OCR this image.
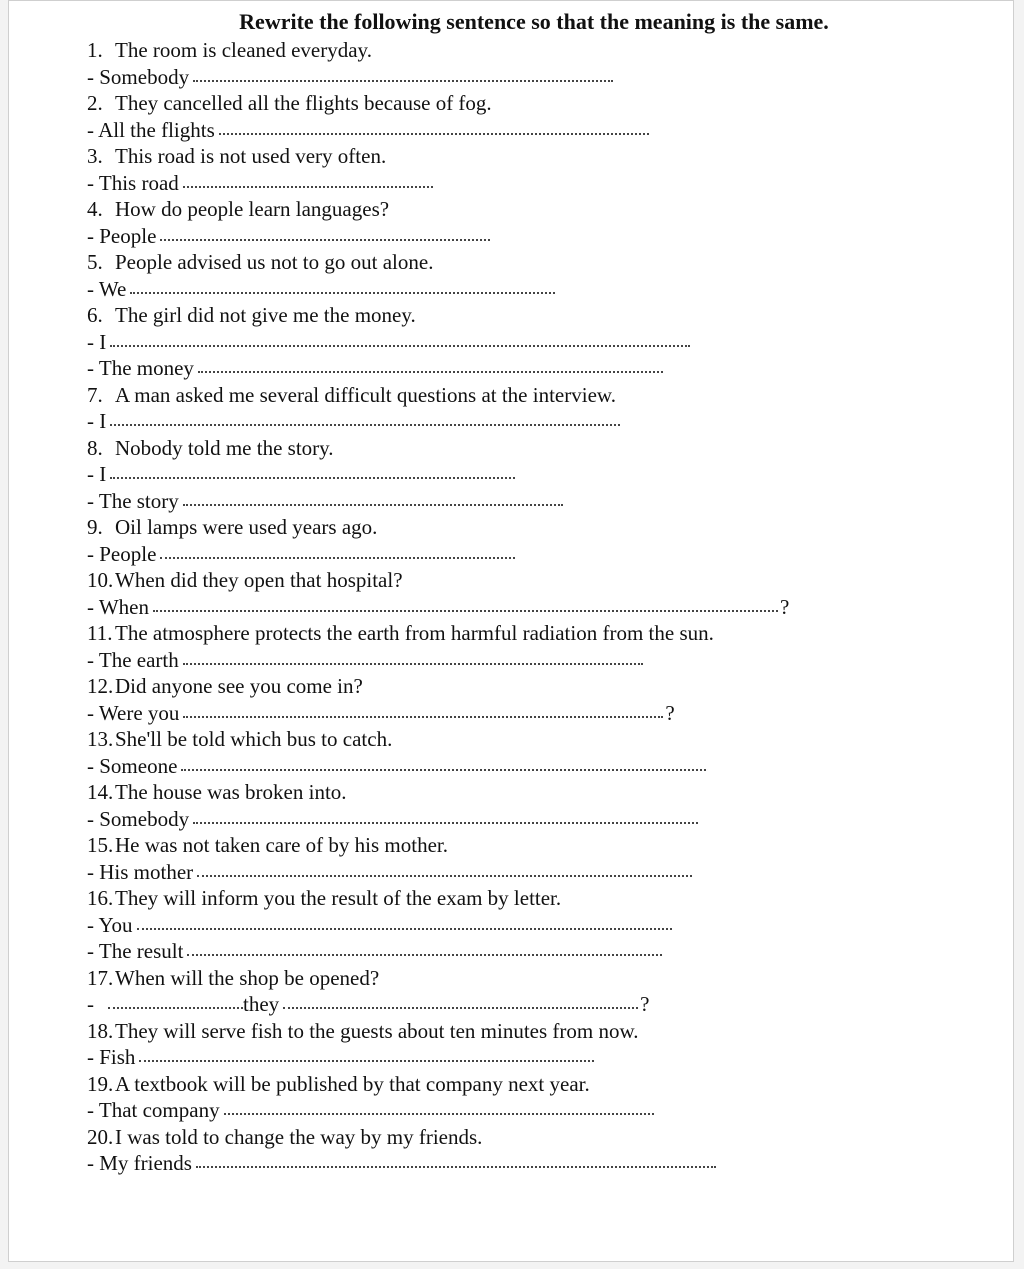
Rewrite the following sentence so that the meaning is the same.
1. The room is cleaned everyday.
- Somebody
2. They cancelled all the flights because of fog.
- All the flights
3. This road is not used very often.
- This road
4. How do people learn languages?
- People
5. People advised us not to go out alone.
- We
6. The girl did not give me the money.
- I
- The money
7. A man asked me several difficult questions at the interview.
- I
8. Nobody told me the story.
- I
- The story
9. Oil lamps were used years ago.
- People
10. When did they open that hospital?
- When	?
11. The atmosphere protects the earth from harmful radiation from the sun.
- The earth
12. Did anyone see you come in?
- Were you	?
13. She'll be told which bus to catch.
- Someone
14. The house was broken into.
- Somebody
15. He was not taken care of by his mother.
- His mother
16. They will inform you the result of the exam by letter.
- You
- The result
17. When will the shop be opened?
-	they	?
18. They will serve fish to the guests about ten minutes from now.
- Fish
19. A textbook will be published by that company next year.
- That company
20. I was told to change the way by my friends.
- My friends
